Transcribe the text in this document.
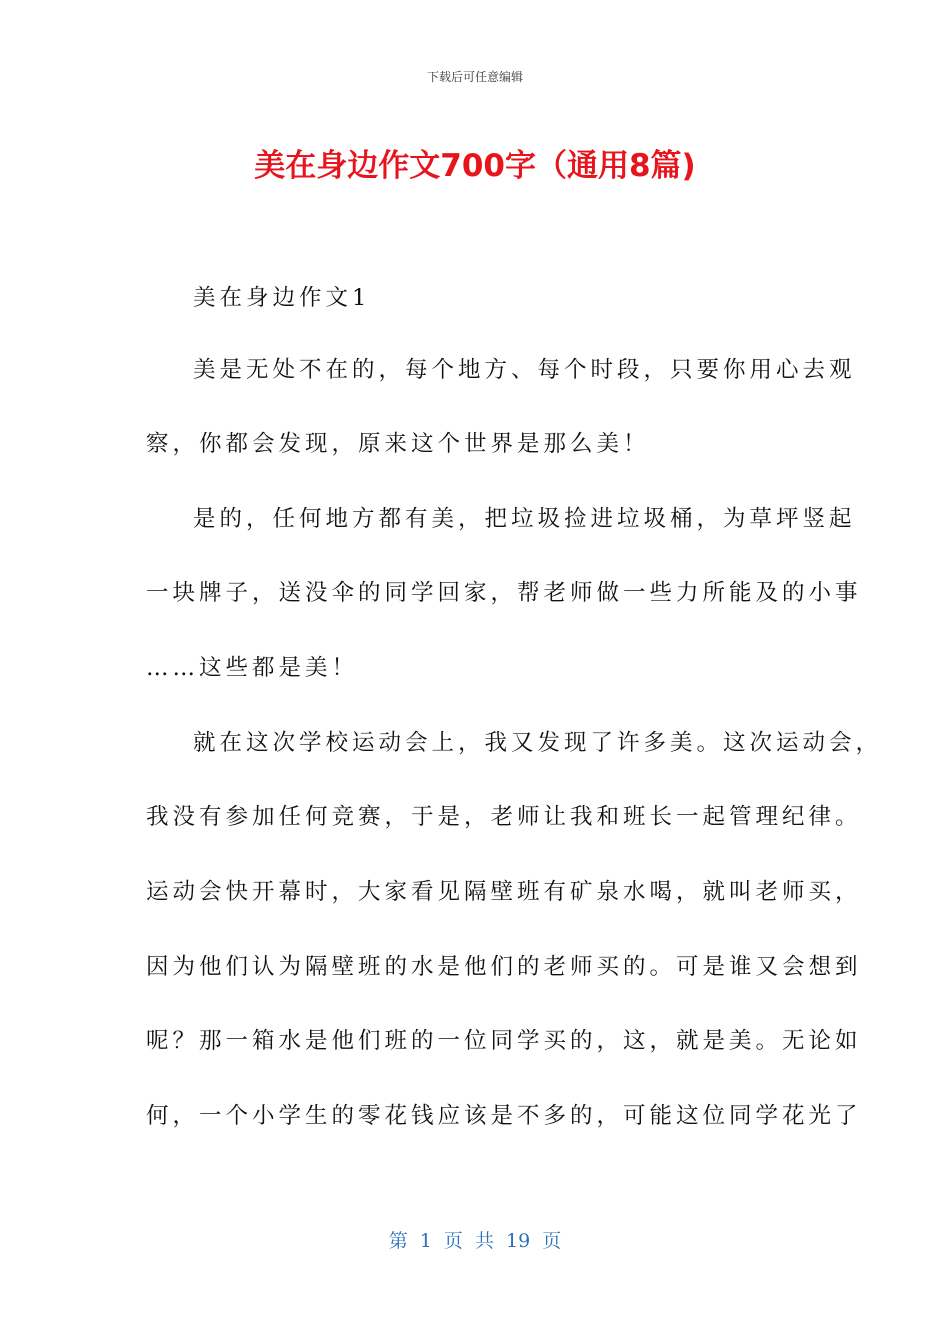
下载后可任意编辑
美在身边作文700字（通用8篇)
美在身边作文1
美是无处不在的，每个地方、每个时段，只要你用心去观
察，你都会发现，原来这个世界是那么美！
是的，任何地方都有美，把垃圾捡进垃圾桶，为草坪竖起
一块牌子，送没伞的同学回家，帮老师做一些力所能及的小事
……这些都是美！
就在这次学校运动会上，我又发现了许多美。这次运动会，
我没有参加任何竞赛，于是，老师让我和班长一起管理纪律。
运动会快开幕时，大家看见隔壁班有矿泉水喝，就叫老师买，
因为他们认为隔壁班的水是他们的老师买的。可是谁又会想到
呢？那一箱水是他们班的一位同学买的，这，就是美。无论如
何，一个小学生的零花钱应该是不多的，可能这位同学花光了
第 1 页 共 19 页
